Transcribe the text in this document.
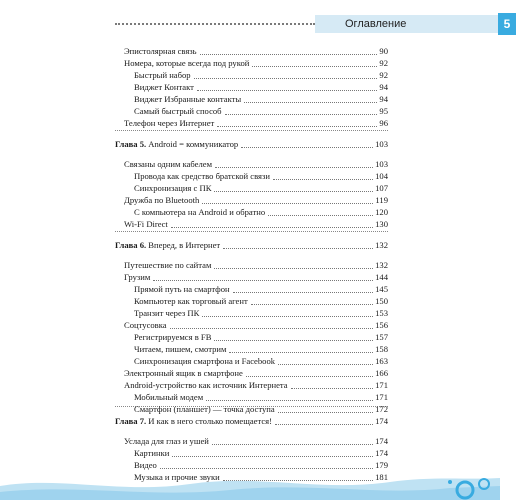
Оглавление	5
Эпистолярная связь	90
Номера, которые всегда под рукой	92
Быстрый набор	92
Виджет Контакт	94
Виджет Избранные контакты	94
Самый быстрый способ	95
Телефон через Интернет	96
Глава 5. Android = коммуникатор	103
Связаны одним кабелем	103
Провода как средство братской связи	104
Синхронизация с ПК	107
Дружба по Bluetooth	119
С компьютера на Android и обратно	120
Wi-Fi Direct	130
Глава 6. Вперед, в Интернет	132
Путешествие по сайтам	132
Грузим	144
Прямой путь на смартфон	145
Компьютер как торговый агент	150
Транзит через ПК	153
Соцтусовка	156
Регистрируемся в FB	157
Читаем, пишем, смотрим	158
Синхронизация смартфона и Facebook	163
Электронный ящик в смартфоне	166
Android-устройство как источник Интернета	171
Мобильный модем	171
Смартфон (планшет) — точка доступа	172
Глава 7. И как в него столько помещается!	174
Услада для глаз и ушей	174
Картинки	174
Видео	179
Музыка и прочие звуки	181
